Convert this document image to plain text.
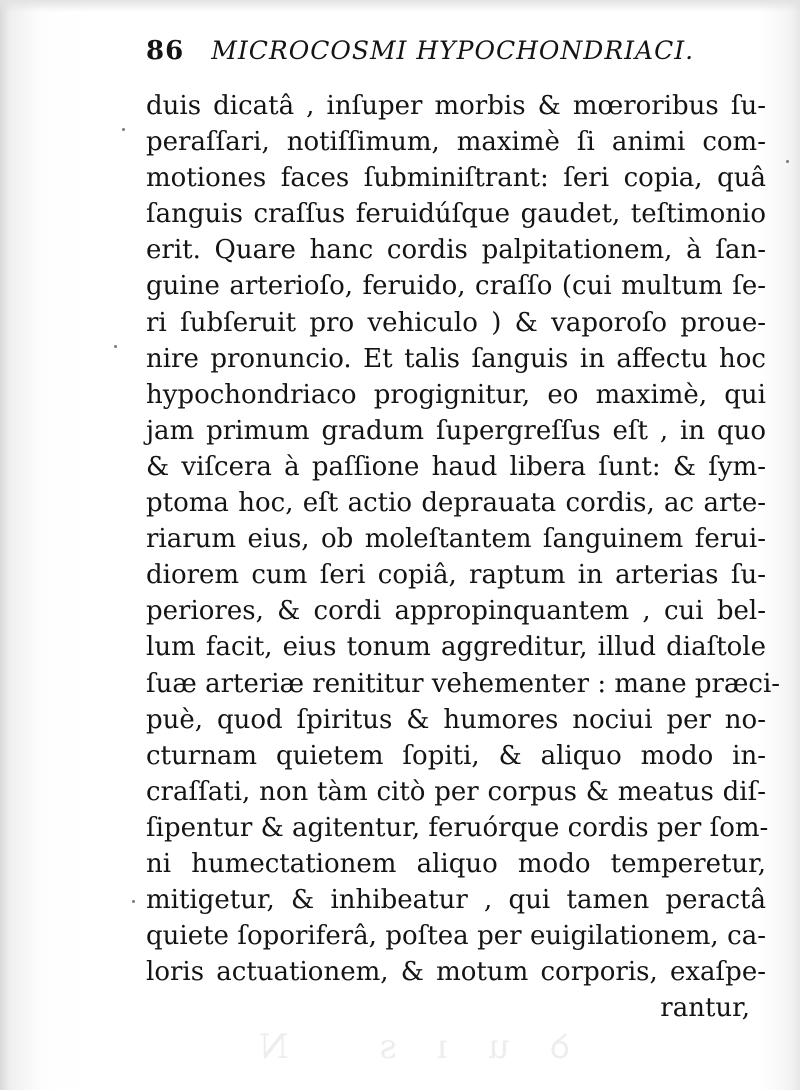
ꝺuıs N
86 MICROCOSMI HYPOCHONDRIACI.
duis dicatâ , inſuper morbis & mœroribus ſu-
peraſſari, notiſſimum, maximè ſi animi com-
motiones faces ſubminiſtrant: ſeri copia, quâ
ſanguis craſſus feruidúſque gaudet, teſtimonio
erit. Quare hanc cordis palpitationem, à ſan-
guine arterioſo, feruido, craſſo (cui multum ſe-
ri ſubſeruit pro vehiculo ) & vaporoſo proue-
nire pronuncio. Et talis ſanguis in affectu hoc
hypochondriaco progignitur, eo maximè, qui
jam primum gradum ſupergreſſus eſt , in quo
& viſcera à paſſione haud libera ſunt: & ſym-
ptoma hoc, eſt actio deprauata cordis, ac arte-
riarum eius, ob moleſtantem ſanguinem ferui-
diorem cum ſeri copiâ, raptum in arterias ſu-
periores, & cordi appropinquantem , cui bel-
lum facit, eius tonum aggreditur, illud diaſtole
ſuæ arteriæ renititur vehementer : mane præci-
puè, quod ſpiritus & humores nociui per no-
cturnam quietem ſopiti, & aliquo modo in-
craſſati, non tàm citò per corpus & meatus diſ-
ſipentur & agitentur, feruórque cordis per ſom-
ni humectationem aliquo modo temperetur,
mitigetur, & inhibeatur , qui tamen peractâ
quiete ſoporiferâ, poſtea per euigilationem, ca-
loris actuationem, & motum corporis, exaſpe-
rantur,
